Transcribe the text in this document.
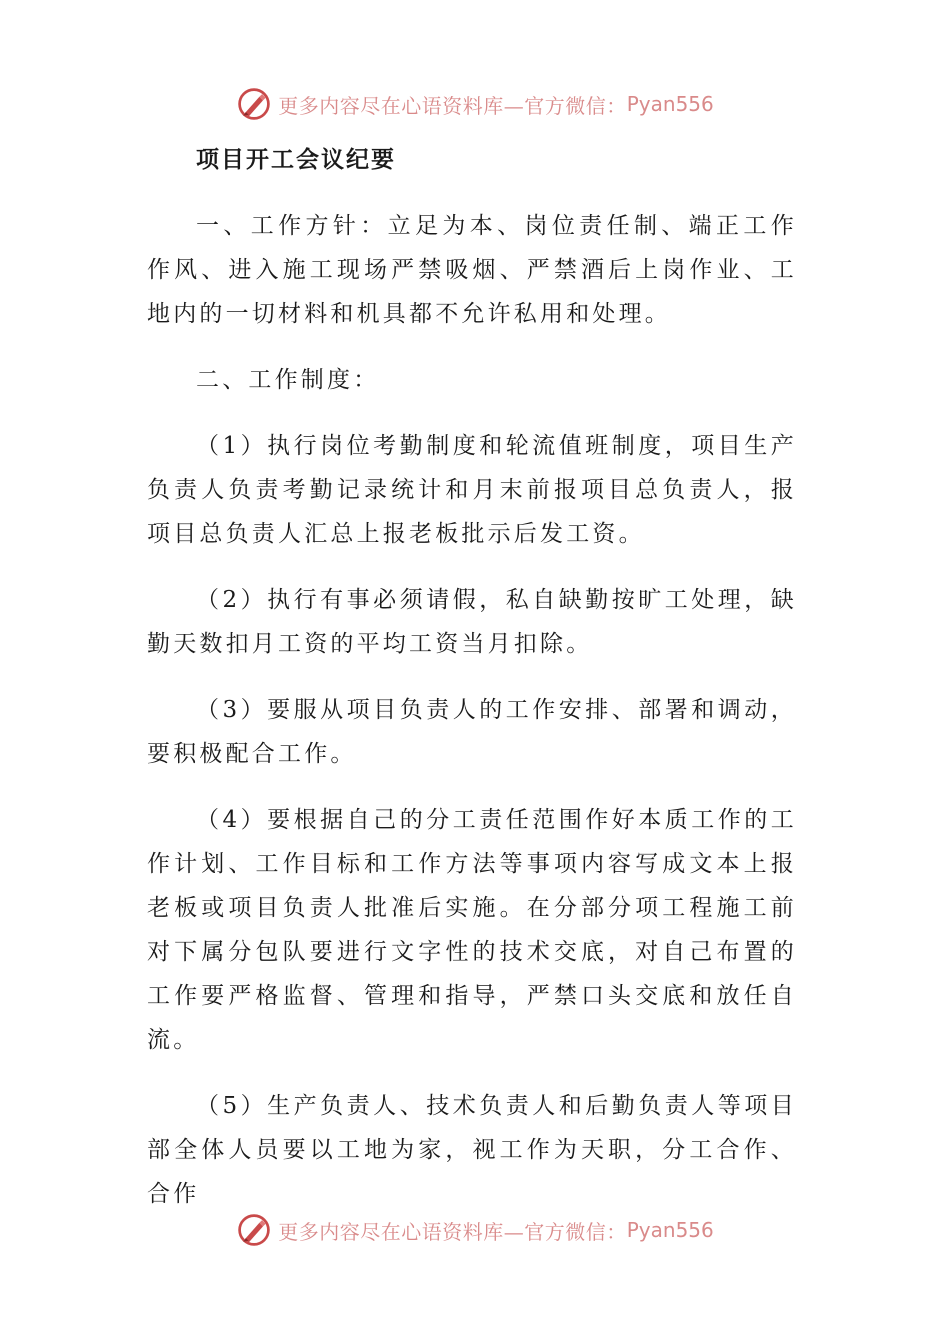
更多内容尽在心语资料库—官方微信： Pyan556
项目开工会议纪要

一、工作方针：立足为本、岗位责任制、端正工作作风、进入施工现场严禁吸烟、严禁酒后上岗作业、工地内的一切材料和机具都不允许私用和处理。

二、工作制度：

（1）执行岗位考勤制度和轮流值班制度，项目生产负责人负责考勤记录统计和月末前报项目总负责人，报项目总负责人汇总上报老板批示后发工资。

（2）执行有事必须请假，私自缺勤按旷工处理，缺勤天数扣月工资的平均工资当月扣除。

（3）要服从项目负责人的工作安排、部署和调动，要积极配合工作。

（4）要根据自己的分工责任范围作好本质工作的工作计划、工作目标和工作方法等事项内容写成文本上报老板或项目负责人批准后实施。在分部分项工程施工前对下属分包队要进行文字性的技术交底，对自己布置的工作要严格监督、管理和指导，严禁口头交底和放任自流。

（5）生产负责人、技术负责人和后勤负责人等项目部全体人员要以工地为家，视工作为天职，分工合作、合作

更多内容尽在心语资料库—官方微信： Pyan556
